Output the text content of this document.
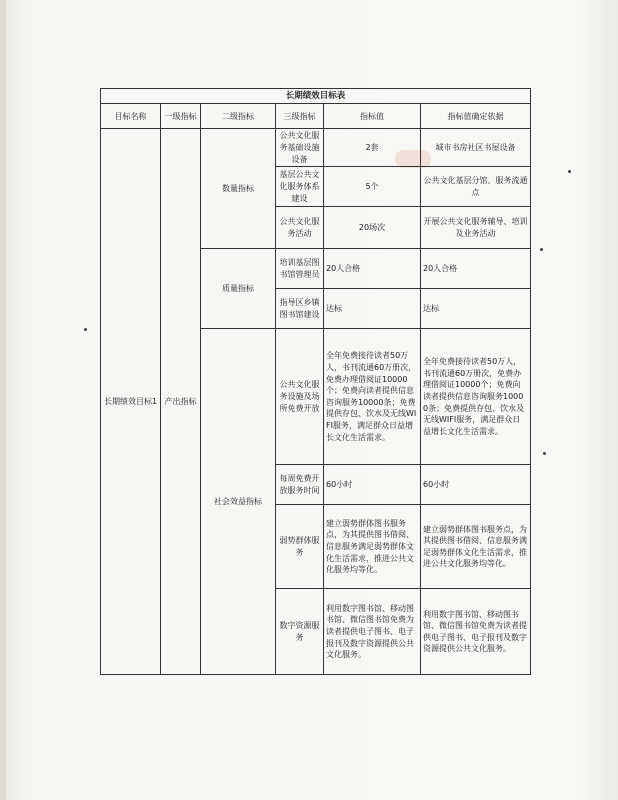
长期绩效目标表					
目标名称	一级指标	二级指标	三级指标	指标值	指标值确定依据
长期绩效目标1	产出指标	数量指标	公共文化服务基础设施设备	2套	城市书房社区书屋设备
			基层公共文化服务体系建设	5个	公共文化基层分馆、服务流通点
			公共文化服务活动	20场次	开展公共文化服务辅导、培训及业务活动
		质量指标	培训基层图书馆管理员	20人合格	20人合格
			指导区乡镇图书馆建设	达标	达标
		社会效益指标	公共文化服务设施及场所免费开放	全年免费接待读者50万人，书刊流通60万册次，免费办理借阅证10000个；免费向读者提供信息咨询服务10000条；免费提供存包、饮水及无线WIFI服务，满足群众日益增长文化生活需求。	全年免费接待读者50万人，书刊流通60万册次，免费办理借阅证10000个；免费向读者提供信息咨询服务10000条；免费提供存包、饮水及无线WIFI服务，满足群众日益增长文化生活需求。
			每周免费开放服务时间	60小时	60小时
			弱势群体服务	建立弱势群体图书服务点，为其提供图书借阅、信息服务满足弱势群体文化生活需求，推进公共文化服务均等化。	建立弱势群体图书服务点，为其提供图书借阅、信息服务满足弱势群体文化生活需求，推进公共文化服务均等化。
			数字资源服务	利用数字图书馆、移动图书馆、微信图书馆免费为读者提供电子图书、电子报刊及数字资源提供公共文化服务。	利用数字图书馆、移动图书馆、微信图书馆免费为读者提供电子图书、电子报刊及数字资源提供公共文化服务。
